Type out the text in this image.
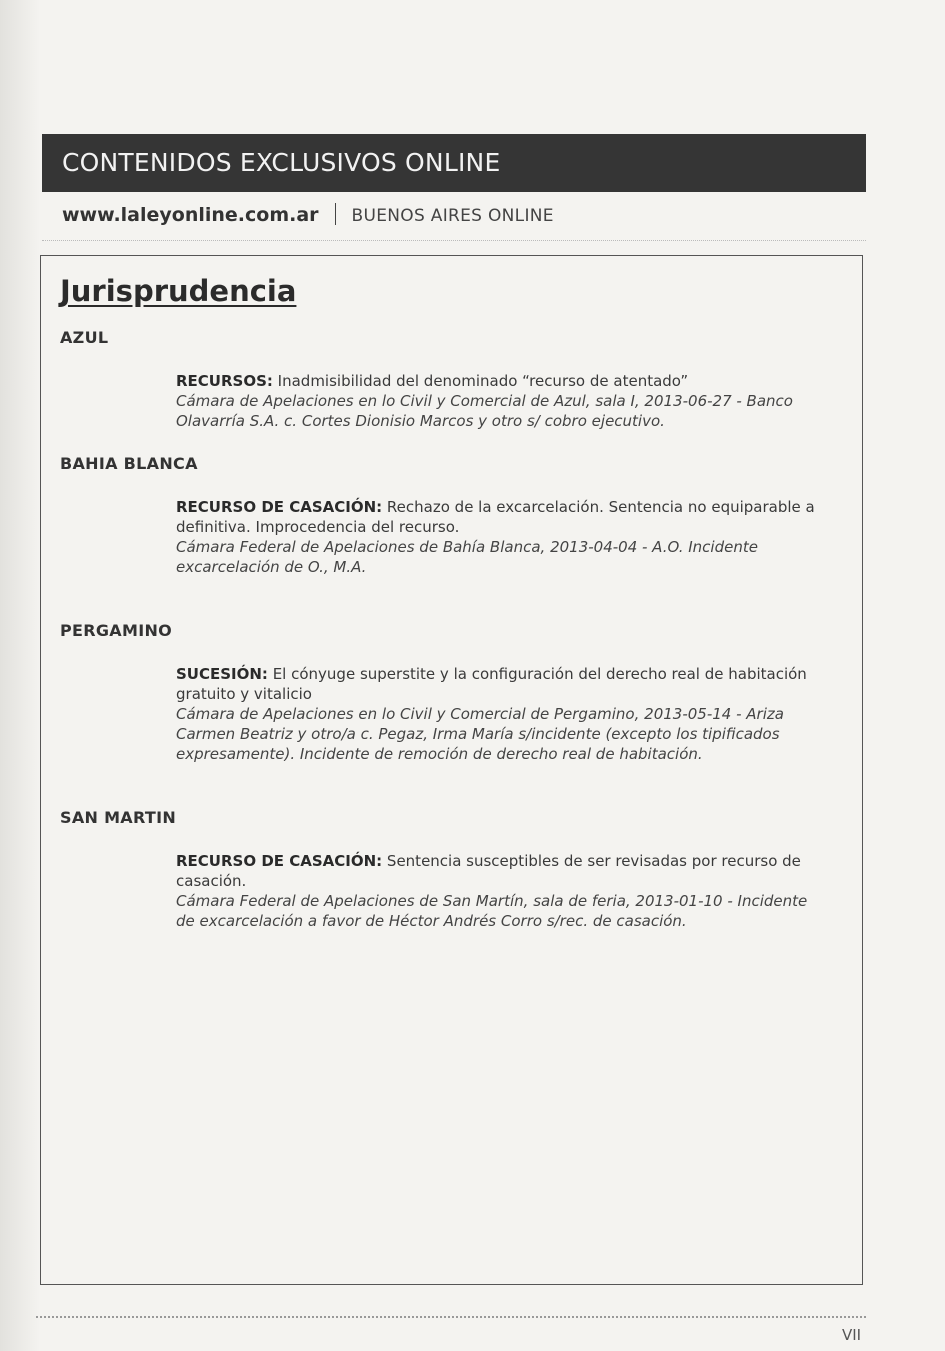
CONTENIDOS EXCLUSIVOS ONLINE
www.laleyonline.com.ar BUENOS AIRES ONLINE
Jurisprudencia
AZUL
RECURSOS: Inadmisibilidad del denominado “recurso de atentado”
Cámara de Apelaciones en lo Civil y Comercial de Azul, sala I, 2013-06-27 - Banco Olavarría S.A. c. Cortes Dionisio Marcos y otro s/ cobro ejecutivo.
BAHIA BLANCA
RECURSO DE CASACIÓN: Rechazo de la excarcelación. Sentencia no equiparable a definitiva. Improcedencia del recurso.
Cámara Federal de Apelaciones de Bahía Blanca, 2013-04-04 - A.O. Incidente excarcelación de O., M.A.
PERGAMINO
SUCESIÓN: El cónyuge superstite y la configuración del derecho real de habitación gratuito y vitalicio
Cámara de Apelaciones en lo Civil y Comercial de Pergamino, 2013-05-14 - Ariza Carmen Beatriz y otro/a c. Pegaz, Irma María s/incidente (excepto los tipificados expresamente). Incidente de remoción de derecho real de habitación.
SAN MARTIN
RECURSO DE CASACIÓN: Sentencia susceptibles de ser revisadas por recurso de casación.
Cámara Federal de Apelaciones de San Martín, sala de feria, 2013-01-10 - Incidente de excarcelación a favor de Héctor Andrés Corro s/rec. de casación.
VII
